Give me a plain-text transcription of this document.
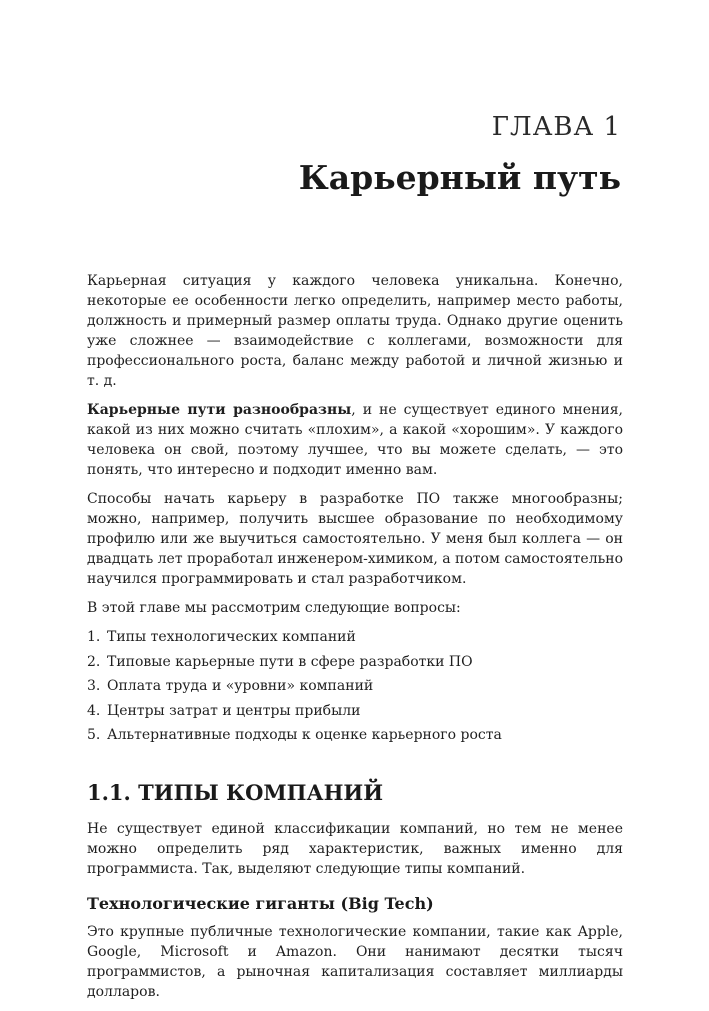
ГЛАВА 1
Карьерный путь

Карьерная ситуация у каждого человека уникальна. Конечно, некоторые ее особенности легко определить, например место работы, должность и примерный размер оплаты труда. Однако другие оценить уже сложнее — взаимодействие с коллегами, возможности для профессионального роста, баланс между работой и личной жизнью и т. д.

Карьерные пути разнообразны, и не существует единого мнения, какой из них можно считать «плохим», а какой «хорошим». У каждого человека он свой, поэтому лучшее, что вы можете сделать, — это понять, что интересно и подходит именно вам.

Способы начать карьеру в разработке ПО также многообразны; можно, например, получить высшее образование по необходимому профилю или же выучиться самостоятельно. У меня был коллега — он двадцать лет проработал инженером-химиком, а потом самостоятельно научился программировать и стал разработчиком.

В этой главе мы рассмотрим следующие вопросы:

1. Типы технологических компаний
2. Типовые карьерные пути в сфере разработки ПО
3. Оплата труда и «уровни» компаний
4. Центры затрат и центры прибыли
5. Альтернативные подходы к оценке карьерного роста
1.1. ТИПЫ КОМПАНИЙ

Не существует единой классификации компаний, но тем не менее можно определить ряд характеристик, важных именно для программиста. Так, выделяют следующие типы компаний.

Технологические гиганты (Big Tech)

Это крупные публичные технологические компании, такие как Apple, Google, Microsoft и Amazon. Они нанимают десятки тысяч программистов, а рыночная капитализация составляет миллиарды долларов.
